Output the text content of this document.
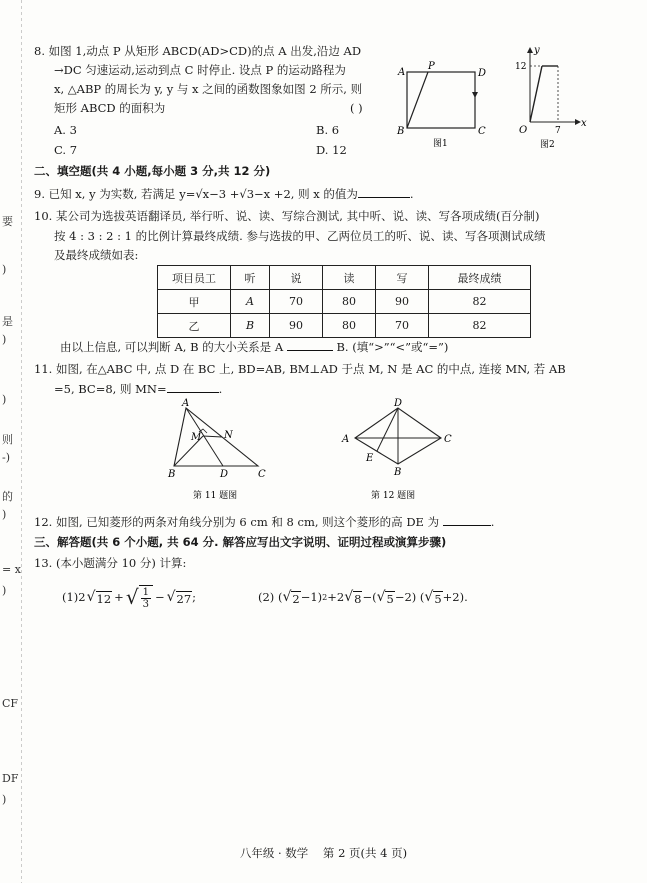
要
)
是
)
)
则
-)
的
)
= x
)
CF
DF
)
8. 如图 1,动点 P 从矩形 ABCD(AD>CD)的点 A 出发,沿边 AD
→DC 匀速运动,运动到点 C 时停止. 设点 P 的运动路程为
x, △ABP 的周长为 y, y 与 x 之间的函数图象如图 2 所示, 则
矩形 ABCD 的面积为	( )
A. 3	B. 6
C. 7	D. 12
A
P
D
B	C
图1
y
x
O
12
7
图2
二、填空题(共 4 小题,每小题 3 分,共 12 分)
9. 已知 x, y 为实数, 若满足 y=√x−3 +√3−x +2, 则 x 的值为	.
10. 某公司为选拔英语翻译员, 举行听、说、读、写综合测试, 其中听、说、读、写各项成绩(百分制)
按 4 : 3 : 2 : 1 的比例计算最终成绩. 参与选拔的甲、乙两位员工的听、说、读、写各项测试成绩
及最终成绩如表:
项目员工	听	说	读	写	最终成绩
甲	A	70	80	90	82
乙	B	90	80	70	82
由以上信息, 可以判断 A, B 的大小关系是 A	B. (填“>”“<”或“=”)
11. 如图, 在△ABC 中, 点 D 在 BC 上, BD=AB, BM⊥AD 于点 M, N 是 AC 的中点, 连接 MN, 若 AB
=5, BC=8, 则 MN=	.
A
M N
B	D	C
第 11 题图
D
A	C
E
B
第 12 题图
12. 如图, 已知菱形的两条对角线分别为 6 cm 和 8 cm, 则这个菱形的高 DE 为	.
三、解答题(共 6 个小题, 共 64 分. 解答应写出文字说明、证明过程或演算步骤)
13. (本小题满分 10 分) 计算:
(1)2 √ 12 + √ 1
3 − √ 27 ;	(2) ( √ 2 −1) 2 +2 √ 8 −( √ 5 −2) ( √ 5 +2).
八年级 · 数学    第 2 页(共 4 页)
